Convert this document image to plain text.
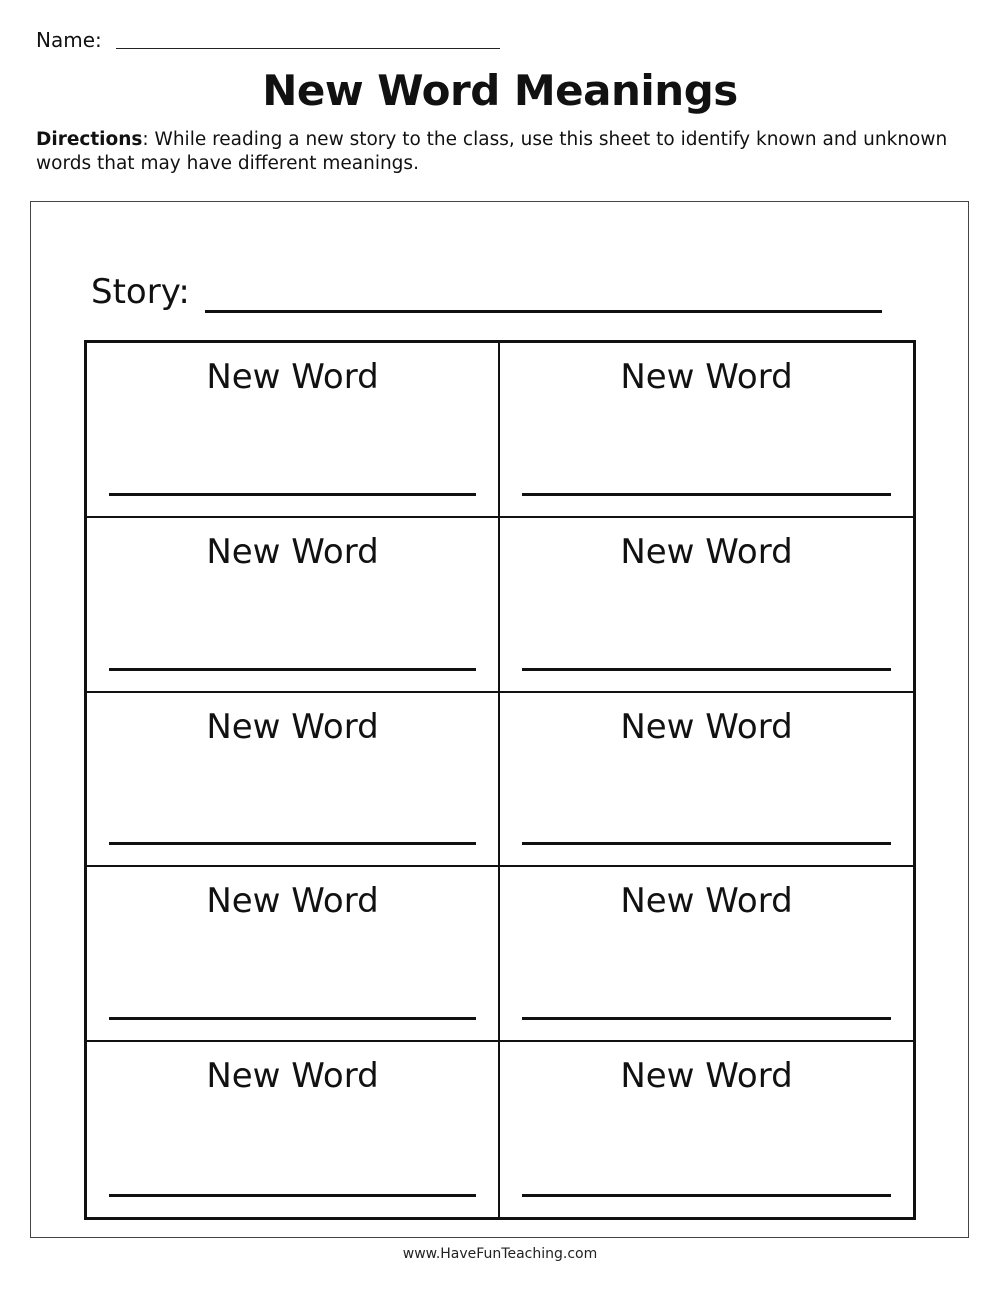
Name:
New Word Meanings
Directions: While reading a new story to the class, use this sheet to identify known and unknown words that may have different meanings.
Story:
New Word	New Word
New Word	New Word
New Word	New Word
New Word	New Word
New Word	New Word
www.HaveFunTeaching.com
